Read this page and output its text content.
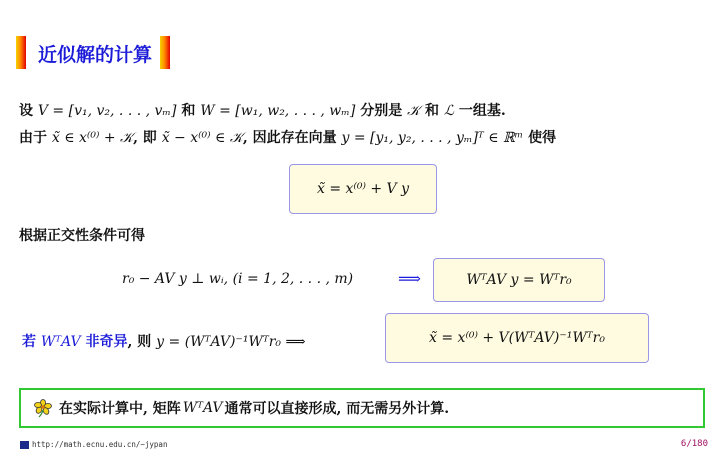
近似解的计算
设 V = [v₁, v₂, . . . , vₘ] 和 W = [w₁, w₂, . . . , wₘ] 分别是 𝒦 和 ℒ 一组基.
由于 x̃ ∈ x⁽⁰⁾ + 𝒦, 即 x̃ − x⁽⁰⁾ ∈ 𝒦, 因此存在向量 y = [y₁, y₂, . . . , yₘ]ᵀ ∈ ℝᵐ 使得
x̃ = x⁽⁰⁾ + V y
根据正交性条件可得
r₀ − AV y ⊥ wᵢ, (i = 1, 2, . . . , m)	⟹	WᵀAV y = Wᵀr₀
若 WᵀAV 非奇异, 则 y = (WᵀAV)⁻¹Wᵀr₀ ⟹	x̃ = x⁽⁰⁾ + V(WᵀAV)⁻¹Wᵀr₀
在实际计算中, 矩阵 WᵀAV 通常可以直接形成, 而无需另外计算.
http://math.ecnu.edu.cn/~jypan	6/180
